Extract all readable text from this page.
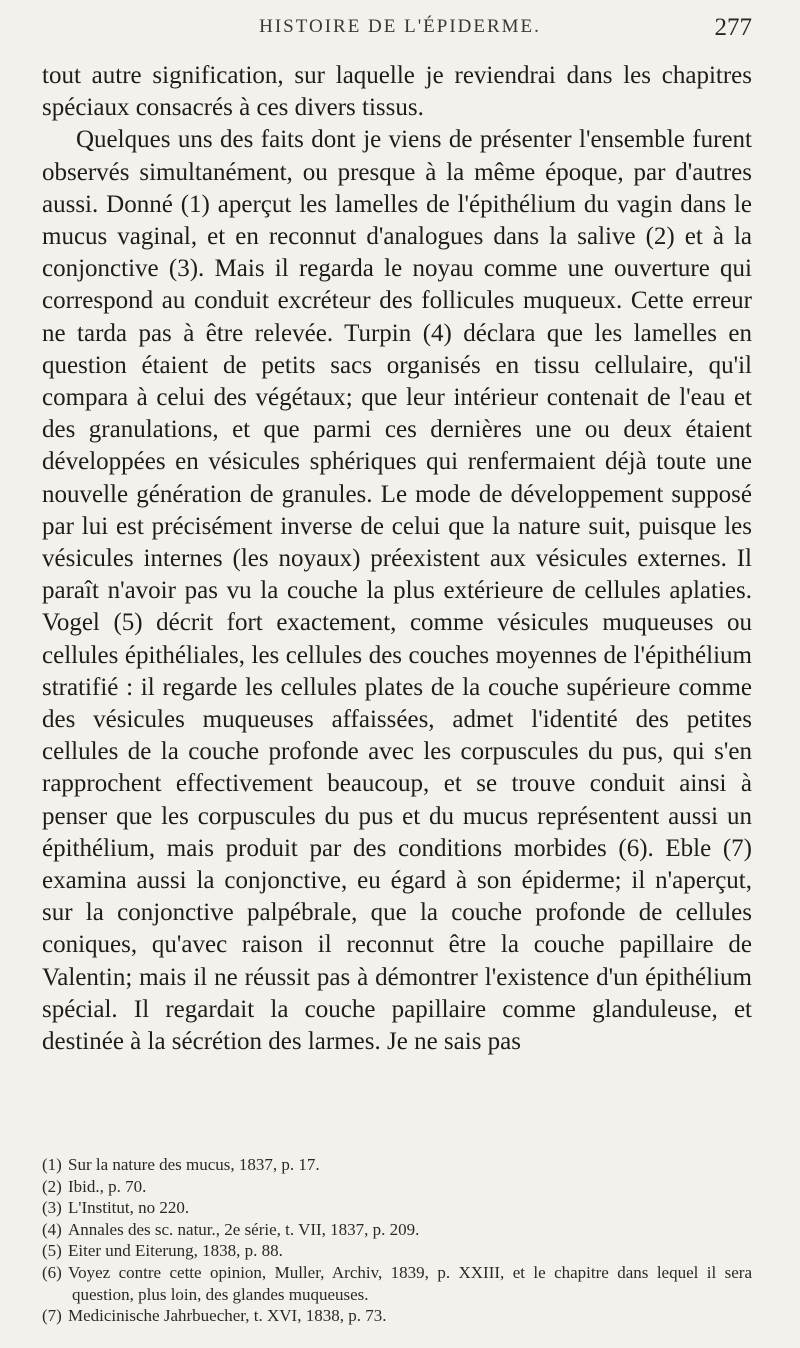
HISTOIRE DE L'ÉPIDERME.	277

tout autre signification, sur laquelle je reviendrai dans les chapitres spéciaux consacrés à ces divers tissus.

Quelques uns des faits dont je viens de présenter l'ensemble furent observés simultanément, ou presque à la même époque, par d'autres aussi. Donné (1) aperçut les lamelles de l'épithélium du vagin dans le mucus vaginal, et en reconnut d'analogues dans la salive (2) et à la conjonctive (3). Mais il regarda le noyau comme une ouverture qui correspond au conduit excréteur des follicules muqueux. Cette erreur ne tarda pas à être relevée. Turpin (4) déclara que les lamelles en question étaient de petits sacs organisés en tissu cellulaire, qu'il compara à celui des végétaux; que leur intérieur contenait de l'eau et des granulations, et que parmi ces dernières une ou deux étaient développées en vésicules sphériques qui renfermaient déjà toute une nouvelle génération de granules. Le mode de développement supposé par lui est précisément inverse de celui que la nature suit, puisque les vésicules internes (les noyaux) préexistent aux vésicules externes. Il paraît n'avoir pas vu la couche la plus extérieure de cellules aplaties. Vogel (5) décrit fort exactement, comme vésicules muqueuses ou cellules épithéliales, les cellules des couches moyennes de l'épithélium stratifié : il regarde les cellules plates de la couche supérieure comme des vésicules muqueuses affaissées, admet l'identité des petites cellules de la couche profonde avec les corpuscules du pus, qui s'en rapprochent effectivement beaucoup, et se trouve conduit ainsi à penser que les corpuscules du pus et du mucus représentent aussi un épithélium, mais produit par des conditions morbides (6). Eble (7) examina aussi la conjonctive, eu égard à son épiderme; il n'aperçut, sur la conjonctive palpébrale, que la couche profonde de cellules coniques, qu'avec raison il reconnut être la couche papillaire de Valentin; mais il ne réussit pas à démontrer l'existence d'un épithélium spécial. Il regardait la couche papillaire comme glanduleuse, et destinée à la sécrétion des larmes. Je ne sais pas

(1) Sur la nature des mucus, 1837, p. 17.

(2) Ibid., p. 70.

(3) L'Institut, no 220.

(4) Annales des sc. natur., 2e série, t. VII, 1837, p. 209.

(5) Eiter und Eiterung, 1838, p. 88.

(6) Voyez contre cette opinion, Muller, Archiv, 1839, p. XXIII, et le chapitre dans lequel il sera question, plus loin, des glandes muqueuses.

(7) Medicinische Jahrbuecher, t. XVI, 1838, p. 73.
